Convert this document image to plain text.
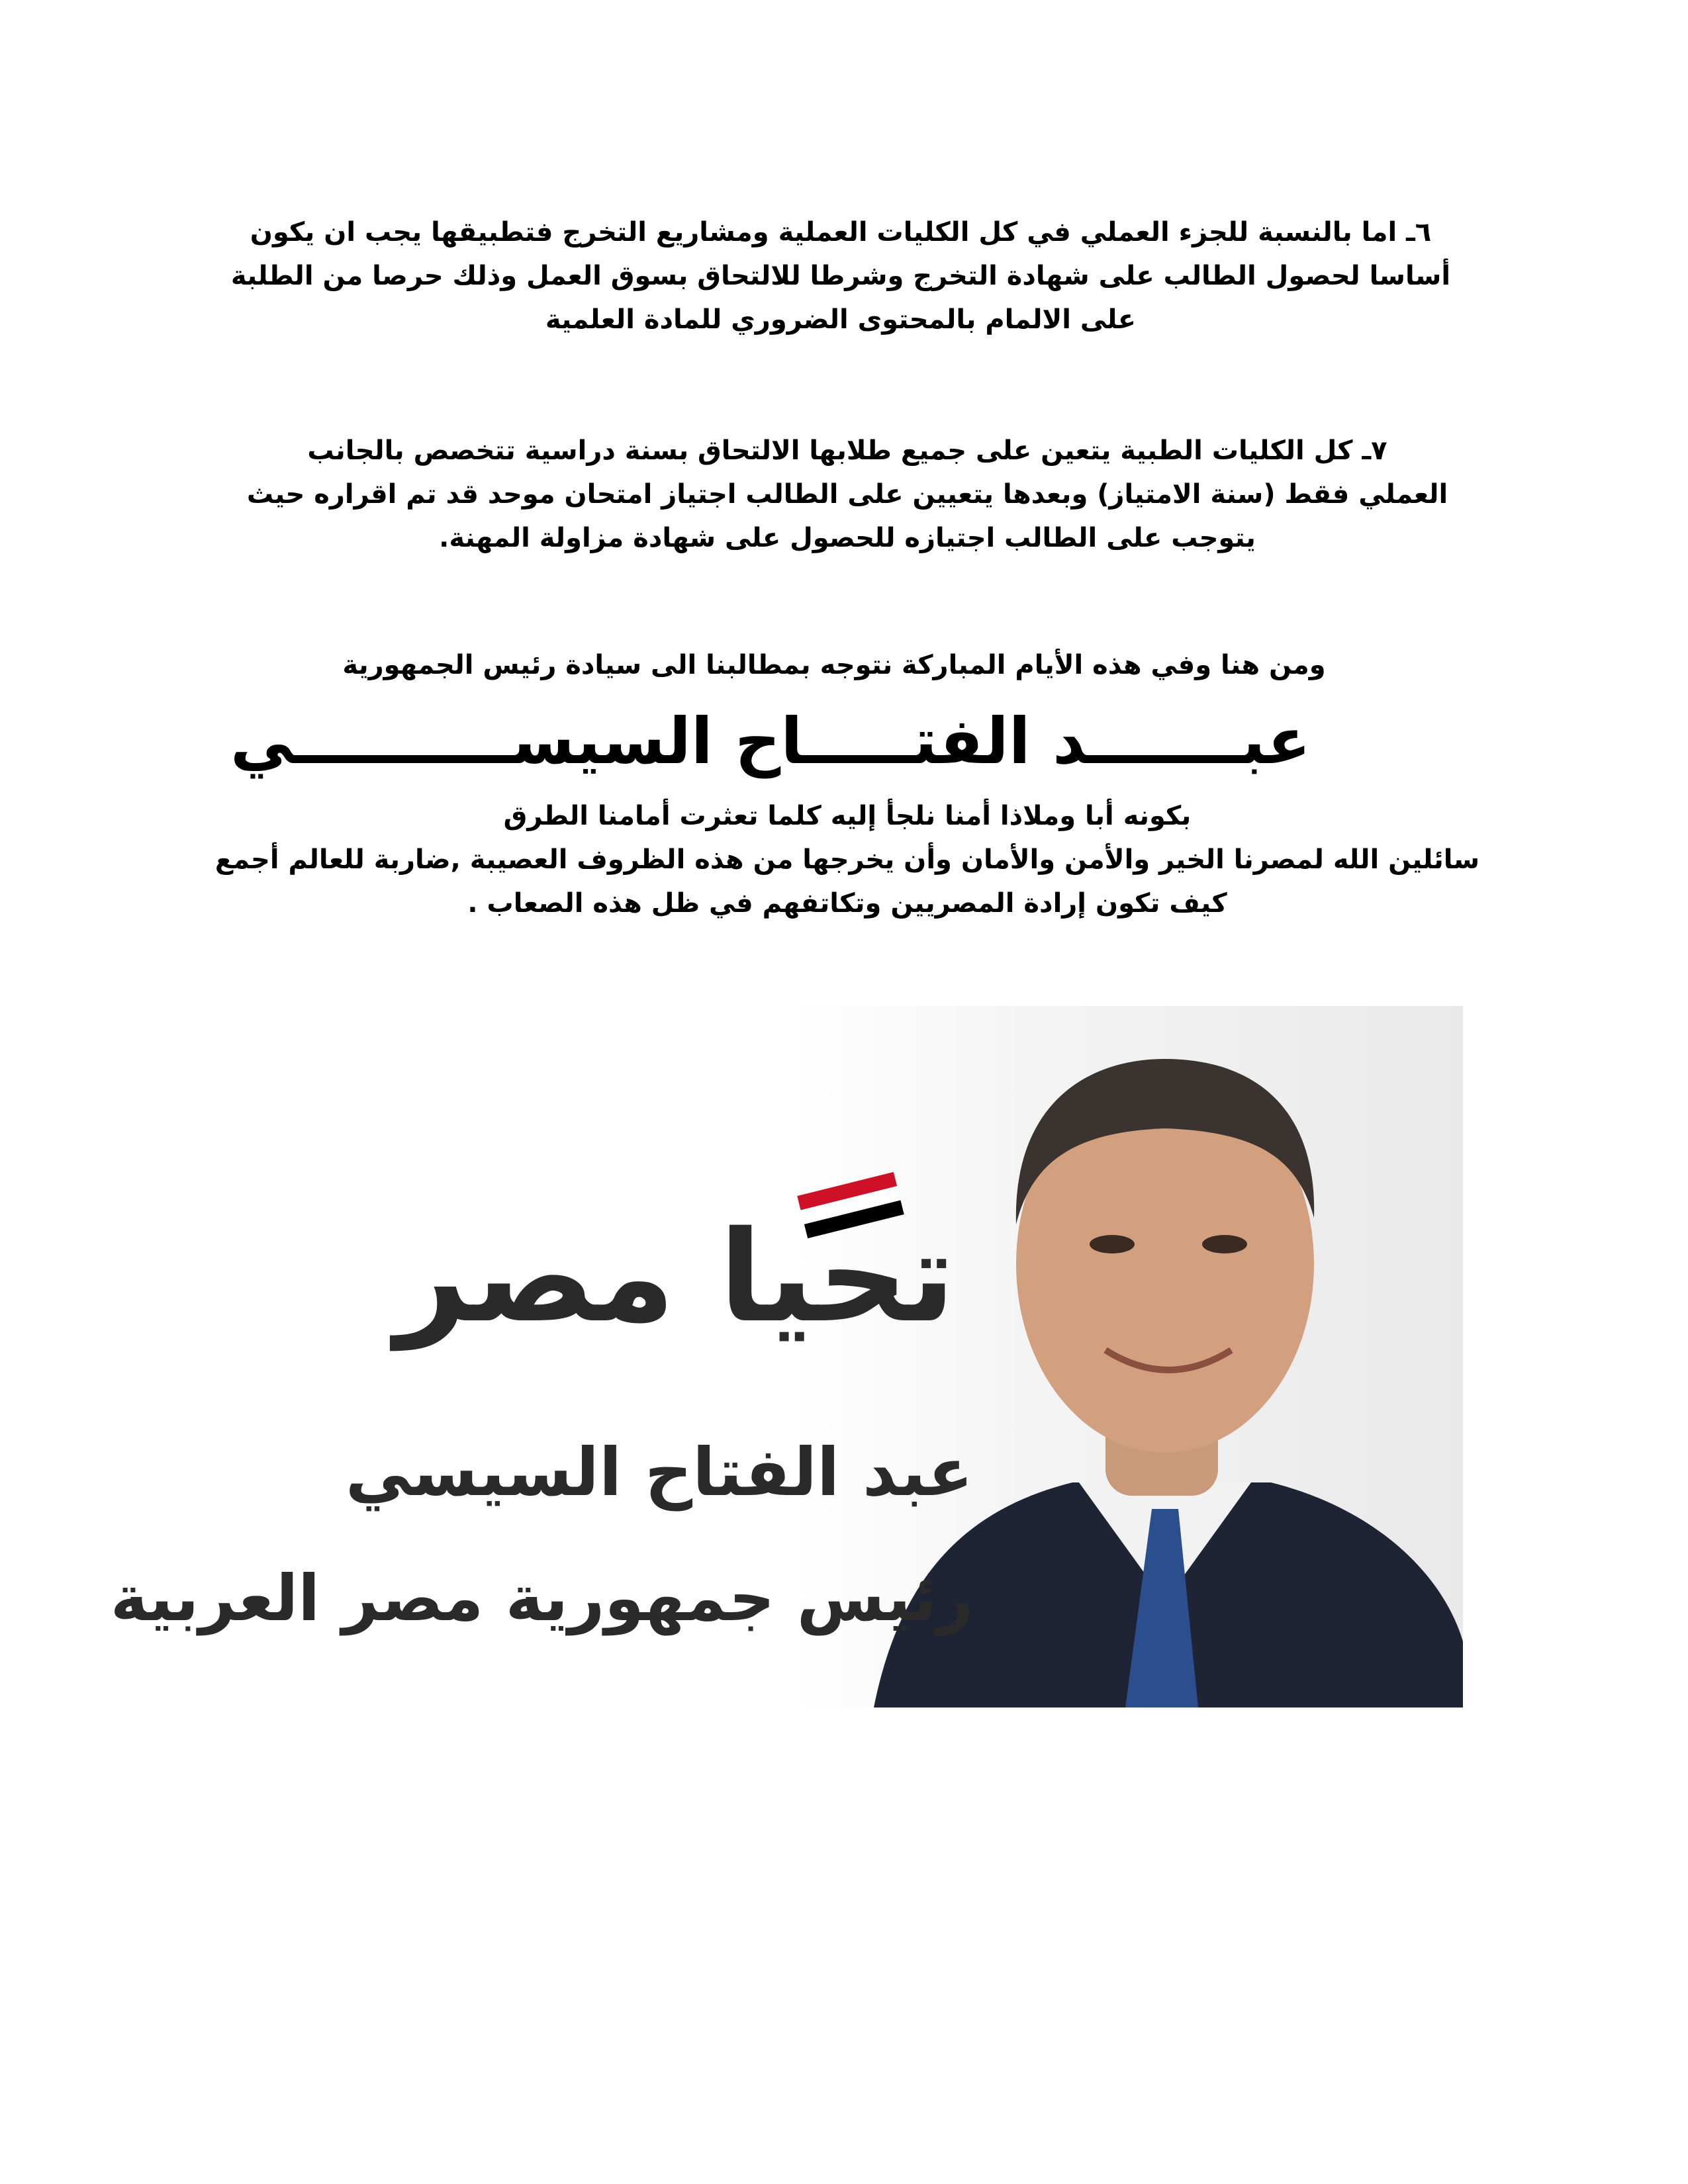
٦ـ اما بالنسبة للجزء العملي في كل الكليات العملية ومشاريع التخرج فتطبيقها يجب ان يكون
أساسا لحصول الطالب على شهادة التخرج وشرطا للالتحاق بسوق العمل وذلك حرصا من الطلبة
على الالمام بالمحتوى الضروري للمادة العلمية
٧ـ كل الكليات الطبية يتعين على جميع طلابها الالتحاق بسنة دراسية تتخصص بالجانب
العملي فقط (سنة الامتياز) وبعدها يتعيين على الطالب اجتياز امتحان موحد قد تم اقراره حيث
يتوجب على الطالب اجتيازه للحصول على شهادة مزاولة المهنة.
ومن هنا وفي هذه الأيام المباركة نتوجه بمطالبنا الى سيادة رئيس الجمهورية
عبـــــــد الفتـــــاح السيســــــــــي
بكونه أبا وملاذا أمنا نلجأ إليه كلما تعثرت أمامنا الطرق
سائلين الله لمصرنا الخير والأمن والأمان وأن يخرجها من هذه الظروف العصيبة ,ضاربة للعالم أجمع
كيف تكون إرادة المصريين وتكاتفهم في ظل هذه الصعاب .
تحيا مصر
عبد الفتاح السيسي
رئيس جمهورية مصر العربية
